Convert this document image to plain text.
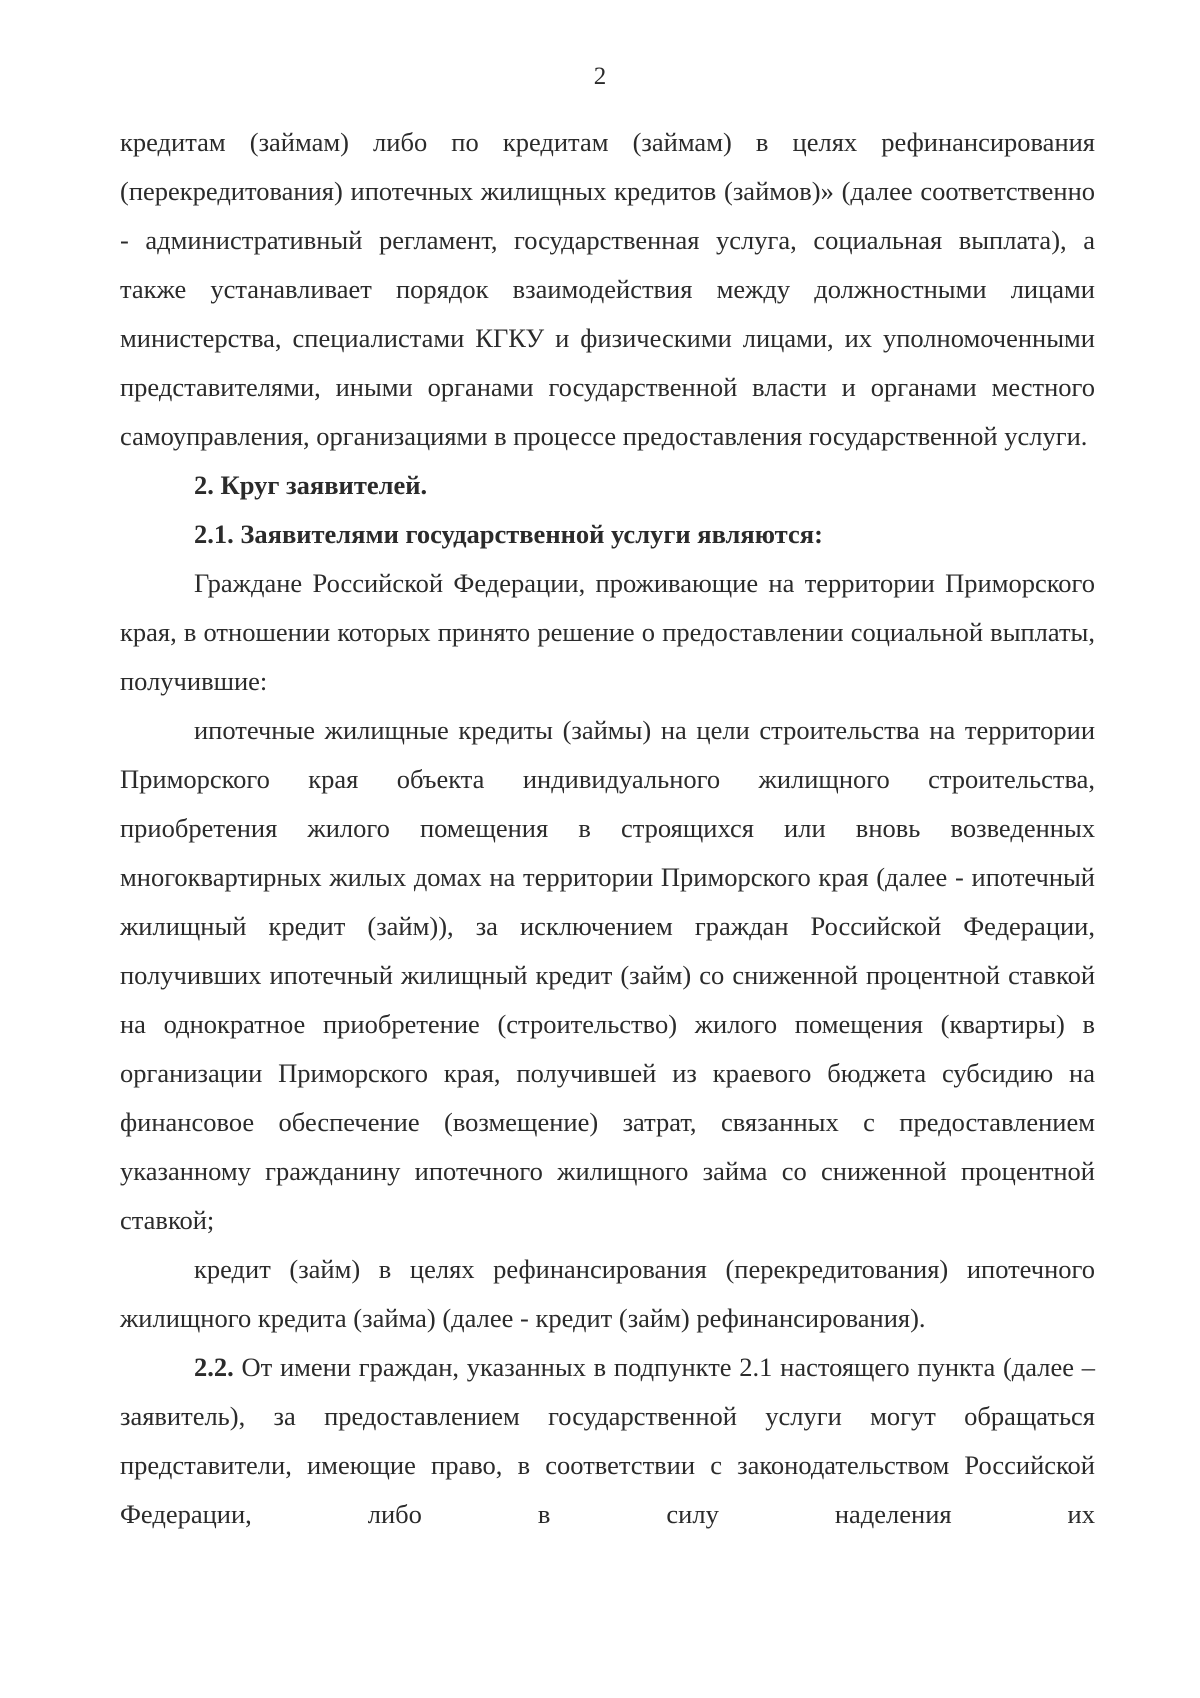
2

кредитам (займам) либо по кредитам (займам) в целях рефинансирования (перекредитования) ипотечных жилищных кредитов (займов)» (далее соответственно - административный регламент, государственная услуга, социальная выплата), а также устанавливает порядок взаимодействия между должностными лицами министерства, специалистами КГКУ и физическими лицами, их уполномоченными представителями, иными органами государственной власти и органами местного самоуправления, организациями в процессе предоставления государственной услуги.

2. Круг заявителей.

2.1. Заявителями государственной услуги являются:

Граждане Российской Федерации, проживающие на территории Приморского края, в отношении которых принято решение о предоставлении социальной выплаты, получившие:

ипотечные жилищные кредиты (займы) на цели строительства на территории Приморского края объекта индивидуального жилищного строительства, приобретения жилого помещения в строящихся или вновь возведенных многоквартирных жилых домах на территории Приморского края (далее - ипотечный жилищный кредит (займ)), за исключением граждан Российской Федерации, получивших ипотечный жилищный кредит (займ) со сниженной процентной ставкой на однократное приобретение (строительство) жилого помещения (квартиры) в организации Приморского края, получившей из краевого бюджета субсидию на финансовое обеспечение (возмещение) затрат, связанных с предоставлением указанному гражданину ипотечного жилищного займа со сниженной процентной ставкой;

кредит (займ) в целях рефинансирования (перекредитования) ипотечного жилищного кредита (займа) (далее - кредит (займ) рефинансирования).

2.2. От имени граждан, указанных в подпункте 2.1 настоящего пункта (далее – заявитель), за предоставлением государственной услуги могут обращаться представители, имеющие право, в соответствии с законодательством Российской Федерации, либо в силу наделения их
